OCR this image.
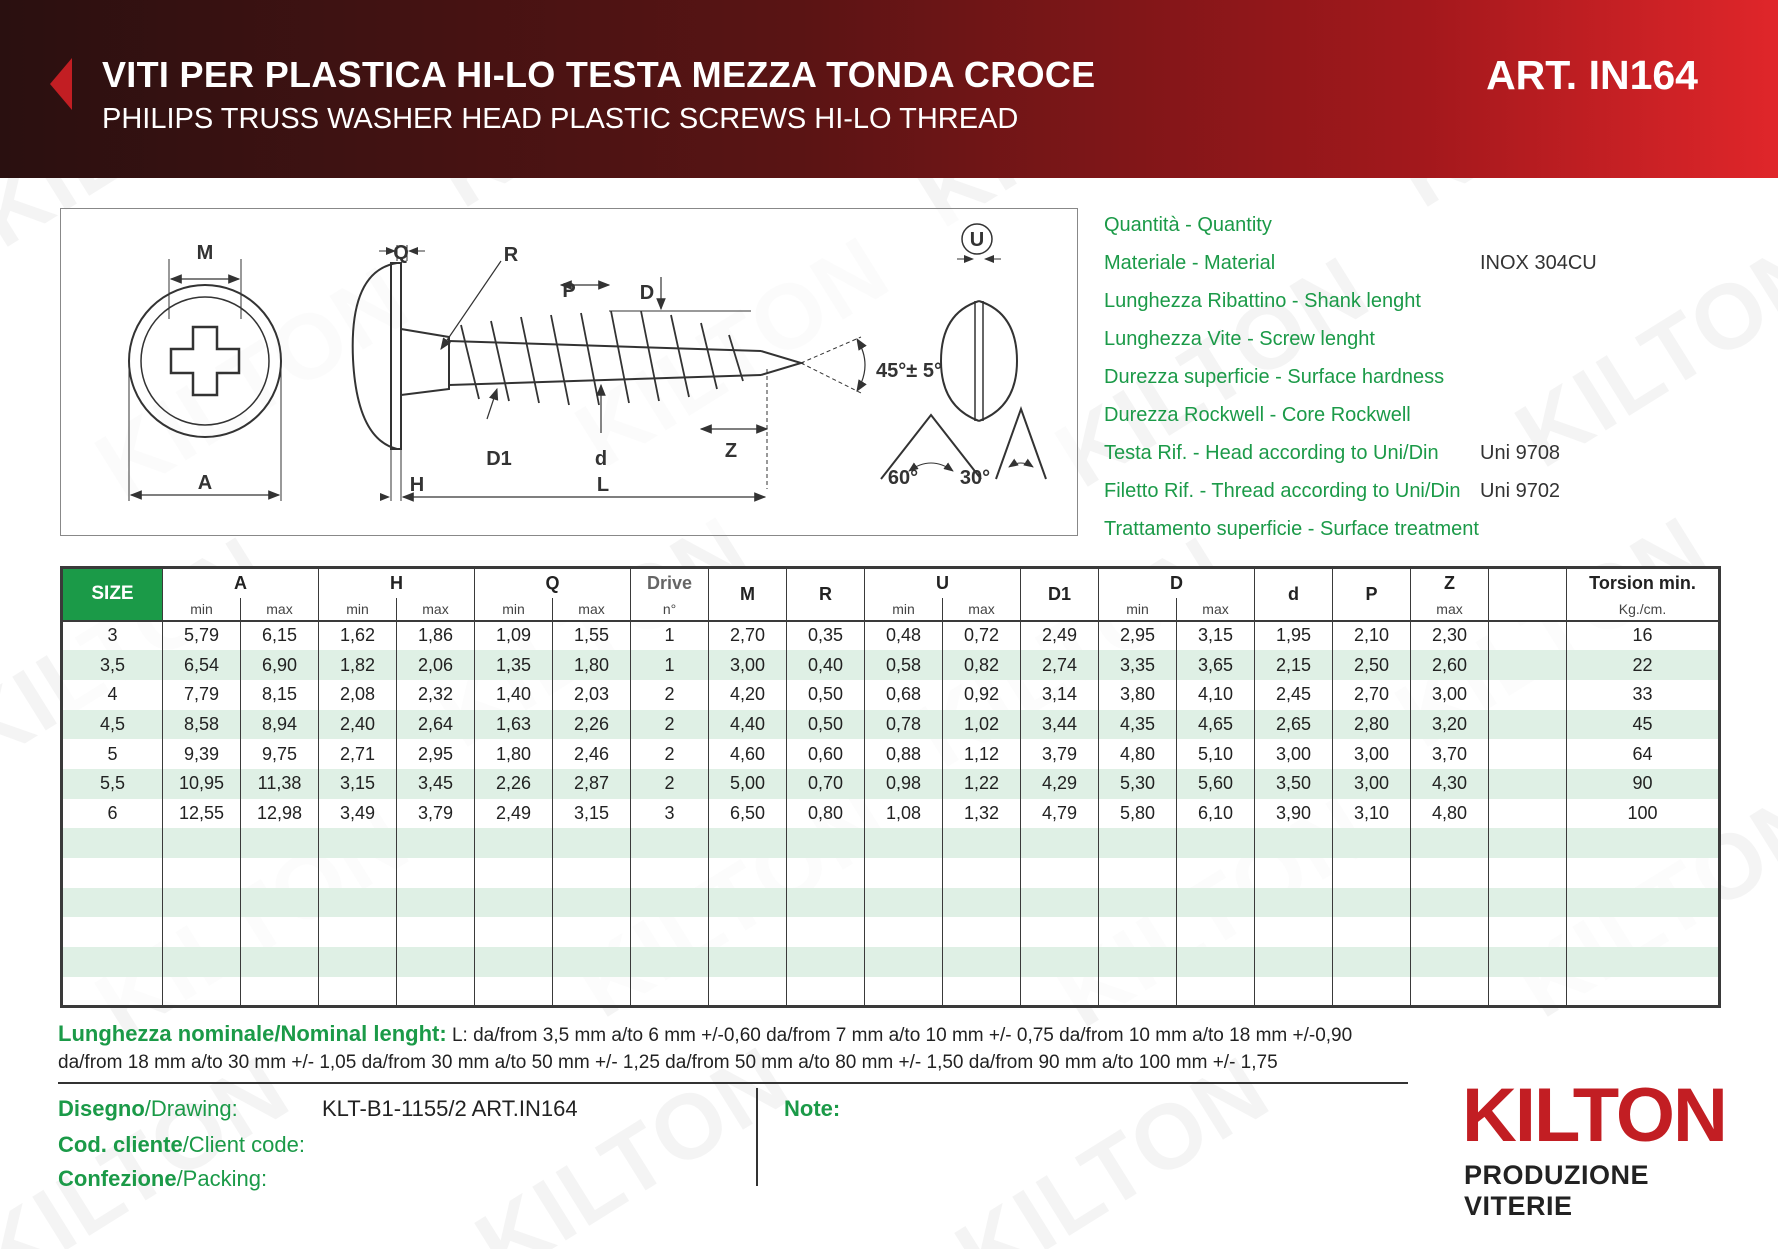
VITI PER PLASTICA HI-LO TESTA MEZZA TONDA CROCE
PHILIPS TRUSS WASHER HEAD PLASTIC SCREWS HI-LO THREAD
ART. IN164
M
A
Q	R
P	D
U
D1	d	Z
H	L
45°± 5°
60° 30°
Quantità - Quantity
Materiale - Material	INOX 304CU
Lunghezza Ribattino - Shank lenght
Lunghezza Vite - Screw lenght
Durezza superficie - Surface hardness
Durezza Rockwell - Core Rockwell
Testa Rif. - Head according to Uni/Din Uni 9708
Filetto Rif. - Thread according to Uni/Din Uni 9702
Trattamento superficie - Surface treatment
SIZE	A		H		Q		Drive	M	R	U		D1	D		d	P	Z		Torsion min.
	min	max	min	max	min	max	n°			min	max		min	max			max		Kg./cm.
3	5,79	6,15	1,62	1,86	1,09	1,55	1	2,70	0,35	0,48	0,72	2,49	2,95	3,15	1,95	2,10	2,30		16
3,5	6,54	6,90	1,82	2,06	1,35	1,80	1	3,00	0,40	0,58	0,82	2,74	3,35	3,65	2,15	2,50	2,60		22
4	7,79	8,15	2,08	2,32	1,40	2,03	2	4,20	0,50	0,68	0,92	3,14	3,80	4,10	2,45	2,70	3,00		33
4,5	8,58	8,94	2,40	2,64	1,63	2,26	2	4,40	0,50	0,78	1,02	3,44	4,35	4,65	2,65	2,80	3,20		45
5	9,39	9,75	2,71	2,95	1,80	2,46	2	4,60	0,60	0,88	1,12	3,79	4,80	5,10	3,00	3,00	3,70		64
5,5	10,95	11,38	3,15	3,45	2,26	2,87	2	5,00	0,70	0,98	1,22	4,29	5,30	5,60	3,50	3,00	4,30		90
6	12,55	12,98	3,49	3,79	2,49	3,15	3	6,50	0,80	1,08	1,32	4,79	5,80	6,10	3,90	3,10	4,80		100

Lunghezza nominale/Nominal lenght: L: da/from 3,5 mm a/to 6 mm +/-0,60 da/from 7 mm a/to 10 mm +/- 0,75 da/from 10 mm a/to 18 mm +/-0,90
da/from 18 mm a/to 30 mm +/- 1,05 da/from 30 mm a/to 50 mm +/- 1,25 da/from 50 mm a/to 80 mm +/- 1,50 da/from 90 mm a/to 100 mm +/- 1,75
Disegno/Drawing:	KLT-B1-1155/2 ART.IN164
Cod. cliente/Client code:
Confezione/Packing:
Note:	KILTON
PRODUZIONE VITERIE
